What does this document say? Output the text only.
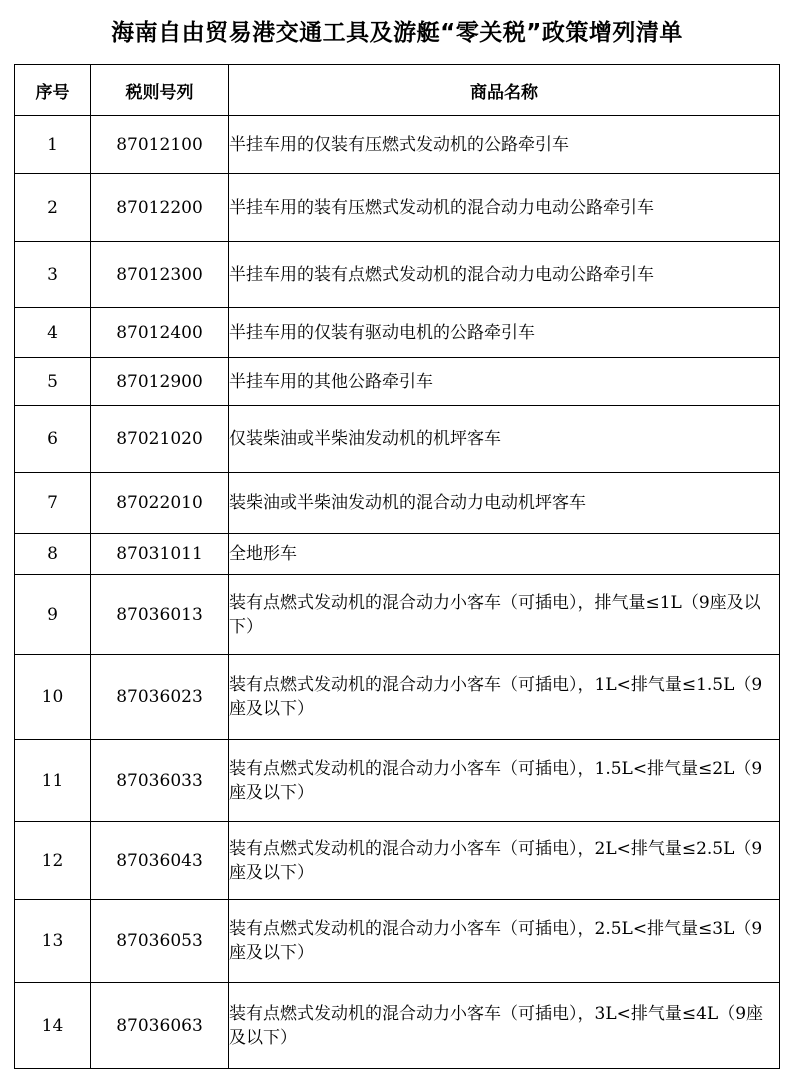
海南自由贸易港交通工具及游艇“零关税”政策增列清单
序号	税则号列	商品名称
1	87012100	半挂车用的仅装有压燃式发动机的公路牵引车
2	87012200	半挂车用的装有压燃式发动机的混合动力电动公路牵引车
3	87012300	半挂车用的装有点燃式发动机的混合动力电动公路牵引车
4	87012400	半挂车用的仅装有驱动电机的公路牵引车
5	87012900	半挂车用的其他公路牵引车
6	87021020	仅装柴油或半柴油发动机的机坪客车
7	87022010	装柴油或半柴油发动机的混合动力电动机坪客车
8	87031011	全地形车
9	87036013	装有点燃式发动机的混合动力小客车（可插电），排气量≤1L（9座及以下）
10	87036023	装有点燃式发动机的混合动力小客车（可插电），1L<排气量≤1.5L（9座及以下）
11	87036033	装有点燃式发动机的混合动力小客车（可插电），1.5L<排气量≤2L（9座及以下）
12	87036043	装有点燃式发动机的混合动力小客车（可插电），2L<排气量≤2.5L（9座及以下）
13	87036053	装有点燃式发动机的混合动力小客车（可插电），2.5L<排气量≤3L（9座及以下）
14	87036063	装有点燃式发动机的混合动力小客车（可插电），3L<排气量≤4L（9座及以下）
